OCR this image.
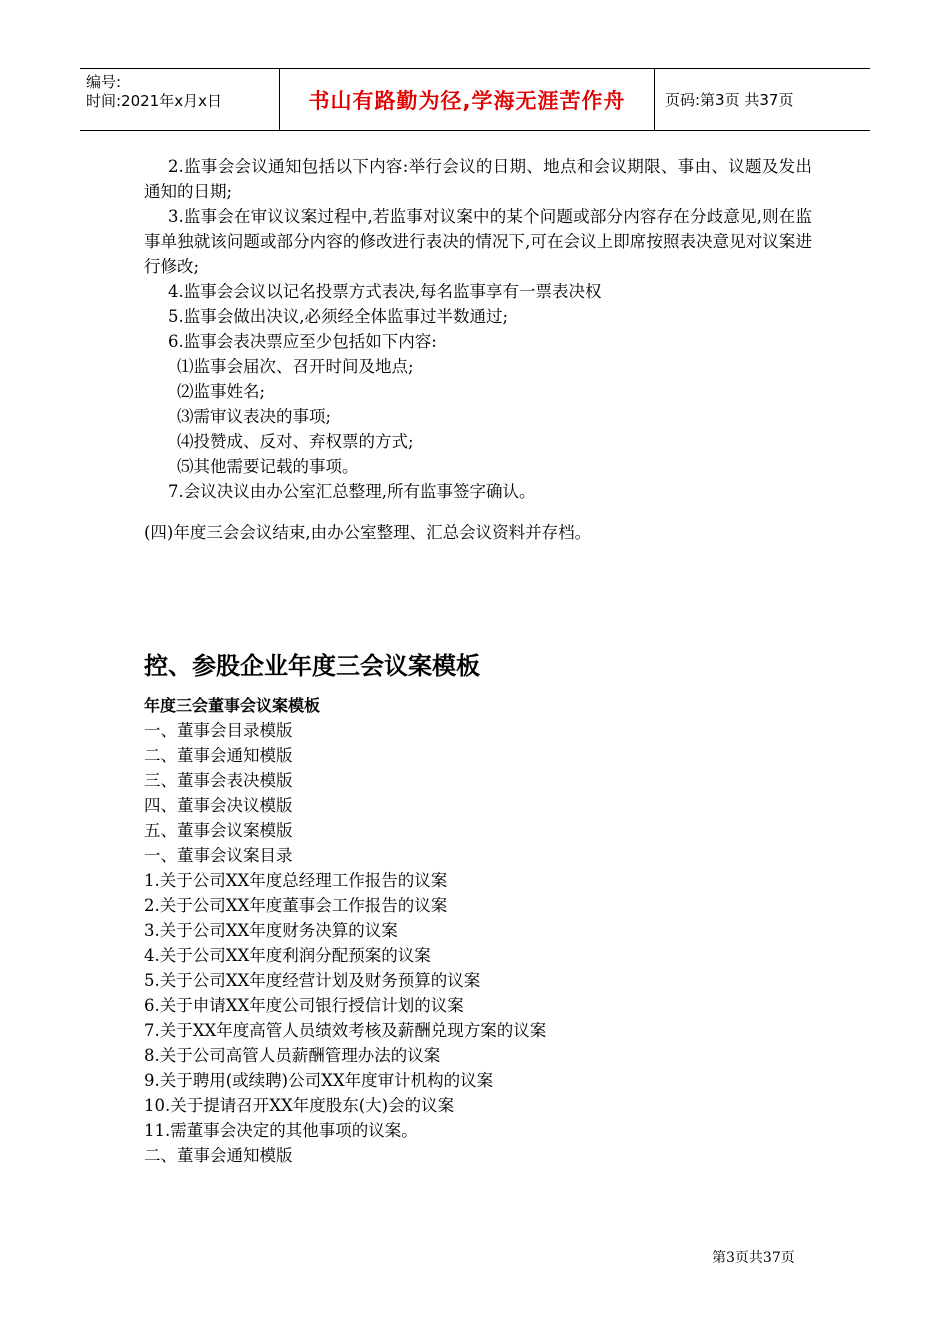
编号:
时间:2021年x月x日	书山有路勤为径,学海无涯苦作舟	页码:第3页 共37页

2.监事会会议通知包括以下内容:举行会议的日期、地点和会议期限、事由、议题及发出通知的日期;

3.监事会在审议议案过程中,若监事对议案中的某个问题或部分内容存在分歧意见,则在监事单独就该问题或部分内容的修改进行表决的情况下,可在会议上即席按照表决意见对议案进行修改;

4.监事会会议以记名投票方式表决,每名监事享有一票表决权

5.监事会做出决议,必须经全体监事过半数通过;

6.监事会表决票应至少包括如下内容:

⑴监事会届次、召开时间及地点;

⑵监事姓名;

⑶需审议表决的事项;

⑷投赞成、反对、弃权票的方式;

⑸其他需要记载的事项。

7.会议决议由办公室汇总整理,所有监事签字确认。

(四)年度三会会议结束,由办公室整理、汇总会议资料并存档。

控、参股企业年度三会议案模板
年度三会董事会议案模板

一、董事会目录模版

二、董事会通知模版

三、董事会表决模版

四、董事会决议模版

五、董事会议案模版

一、董事会议案目录

1.关于公司XX年度总经理工作报告的议案

2.关于公司XX年度董事会工作报告的议案

3.关于公司XX年度财务决算的议案

4.关于公司XX年度利润分配预案的议案

5.关于公司XX年度经营计划及财务预算的议案

6.关于申请XX年度公司银行授信计划的议案

7.关于XX年度高管人员绩效考核及薪酬兑现方案的议案

8.关于公司高管人员薪酬管理办法的议案

9.关于聘用(或续聘)公司XX年度审计机构的议案

10.关于提请召开XX年度股东(大)会的议案

11.需董事会决定的其他事项的议案。

二、董事会通知模版

第3页共37页
